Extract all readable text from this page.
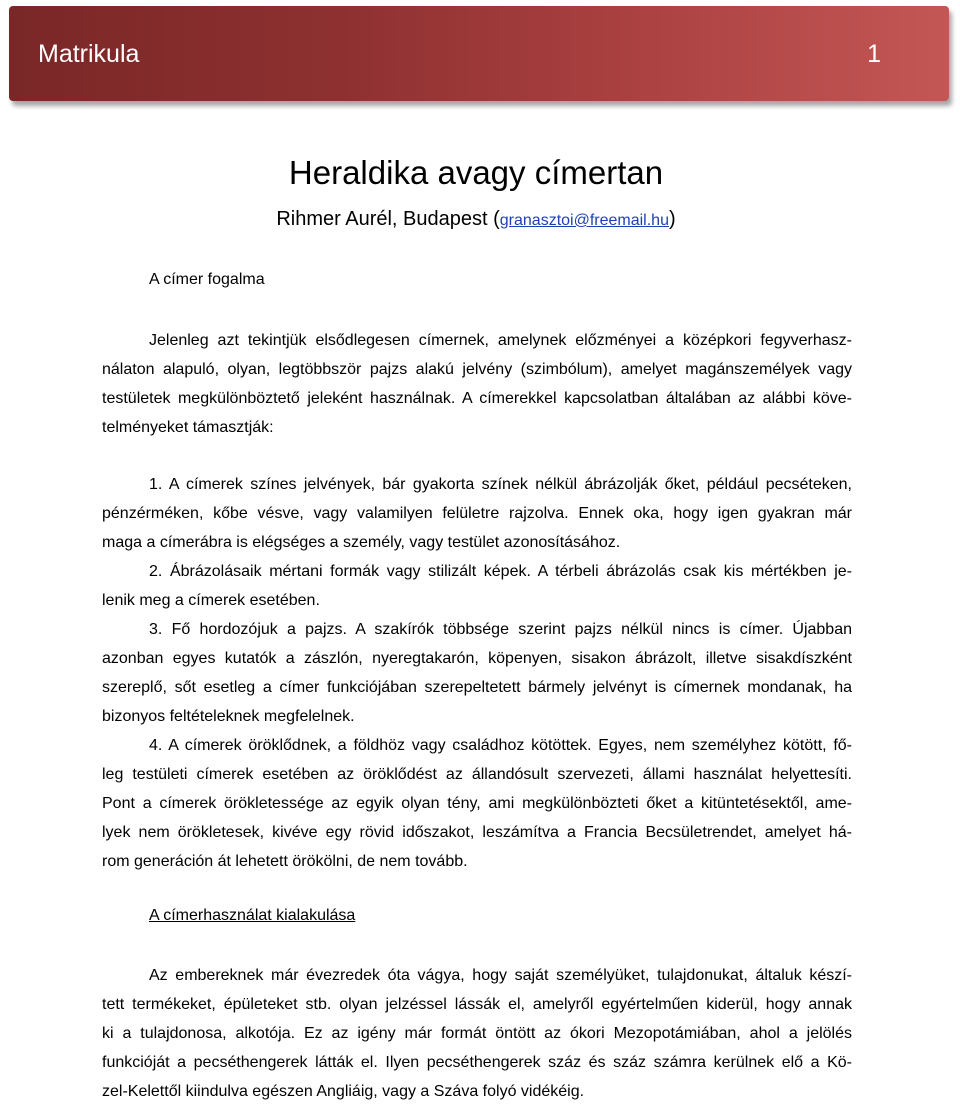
Matrikula	1
Heraldika avagy címertan
Rihmer Aurél, Budapest (granasztoi@freemail.hu)
A címer fogalma
Jelenleg azt tekintjük elsődlegesen címernek, amelynek előzményei a középkori fegyverhasz-
nálaton alapuló, olyan, legtöbbször pajzs alakú jelvény (szimbólum), amelyet magánszemélyek vagy
testületek megkülönböztető jeleként használnak. A címerekkel kapcsolatban általában az alábbi köve-
telményeket támasztják:
1. A címerek színes jelvények, bár gyakorta színek nélkül ábrázolják őket, például pecséteken,
pénzérméken, kőbe vésve, vagy valamilyen felületre rajzolva. Ennek oka, hogy igen gyakran már
maga a címerábra is elégséges a személy, vagy testület azonosításához.
2. Ábrázolásaik mértani formák vagy stilizált képek. A térbeli ábrázolás csak kis mértékben je-
lenik meg a címerek esetében.
3. Fő hordozójuk a pajzs. A szakírók többsége szerint pajzs nélkül nincs is címer. Újabban
azonban egyes kutatók a zászlón, nyeregtakarón, köpenyen, sisakon ábrázolt, illetve sisakdíszként
szereplő, sőt esetleg a címer funkciójában szerepeltetett bármely jelvényt is címernek mondanak, ha
bizonyos feltételeknek megfelelnek.
4. A címerek öröklődnek, a földhöz vagy családhoz kötöttek. Egyes, nem személyhez kötött, fő-
leg testületi címerek esetében az öröklődést az állandósult szervezeti, állami használat helyettesíti.
Pont a címerek örökletessége az egyik olyan tény, ami megkülönbözteti őket a kitüntetésektől, ame-
lyek nem örökletesek, kivéve egy rövid időszakot, leszámítva a Francia Becsületrendet, amelyet há-
rom generáción át lehetett örökölni, de nem tovább.
A címerhasználat kialakulása
Az embereknek már évezredek óta vágya, hogy saját személyüket, tulajdonukat, általuk készí-
tett termékeket, épületeket stb. olyan jelzéssel lássák el, amelyről egyértelműen kiderül, hogy annak
ki a tulajdonosa, alkotója. Ez az igény már formát öntött az ókori Mezopotámiában, ahol a jelölés
funkcióját a pecséthengerek látták el. Ilyen pecséthengerek száz és száz számra kerülnek elő a Kö-
zel-Kelettől kiindulva egészen Angliáig, vagy a Száva folyó vidékéig.
